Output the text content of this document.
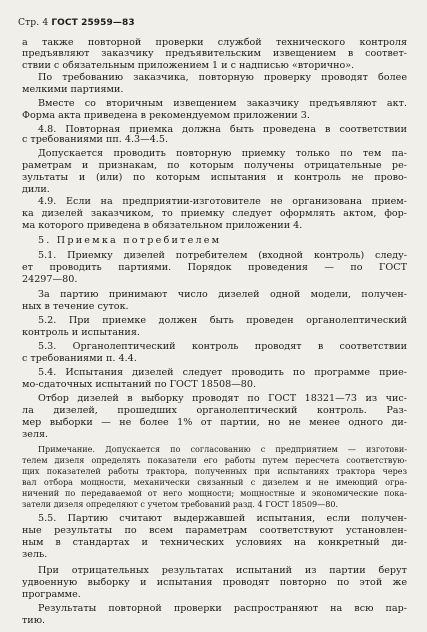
Стр. 4 ГОСТ 25959—83
а также повторной проверки службой технического контроля
предъявляют заказчику предъявительским извещением в соответ-
ствии с обязательным приложением 1 и с надписью «вторично».
По требованию заказчика, повторную проверку проводят более
мелкими партиями.
Вместе со вторичным извещением заказчику предъявляют акт.
Форма акта приведена в рекомендуемом приложении 3.
4.8. Повторная приемка должна быть проведена в соответствии
с требованиями пп. 4.3—4.5.
Допускается проводить повторную приемку только по тем па-
раметрам и признакам, по которым получены отрицательные ре-
зультаты и (или) по которым испытания и контроль не прово-
дили.
4.9. Если на предприятии-изготовителе не организована прием-
ка дизелей заказчиком, то приемку следует оформлять актом, фор-
ма которого приведена в обязательном приложении 4.
5. Приемка потребителем
5.1. Приемку дизелей потребителем (входной контроль) следу-
ет проводить партиями. Порядок проведения — по ГОСТ
24297—80.
За партию принимают число дизелей одной модели, получен-
ных в течение суток.
5.2. При приемке должен быть проведен органолептический
контроль и испытания.
5.3. Органолептический контроль проводят в соответствии
с требованиями п. 4.4.
5.4. Испытания дизелей следует проводить по программе прие-
мо-сдаточных испытаний по ГОСТ 18508—80.
Отбор дизелей в выборку проводят по ГОСТ 18321—73 из чис-
ла дизелей, прошедших органолептический контроль. Раз-
мер выборки — не более 1% от партии, но не менее одного ди-
зеля.
Примечание. Допускается по согласованию с предприятием — изготови-
телем дизеля определять показатели его работы путем пересчета соответствую-
щих показателей работы трактора, полученных при испытаниях трактора через
вал отбора мощности, механически связанный с дизелем и не имеющий огра-
ничений по передаваемой от него мощности; мощностные и экономические пока-
затели дизеля определяют с учетом требований разд. 4 ГОСТ 18509—80.
5.5. Партию считают выдержавшей испытания, если получен-
ные результаты по всем параметрам соответствуют установлен-
ным в стандартах и технических условиях на конкретный ди-
зель.
При отрицательных результатах испытаний из партии берут
удвоенную выборку и испытания проводят повторно по этой же
программе.
Результаты повторной проверки распространяют на всю пар-
тию.
